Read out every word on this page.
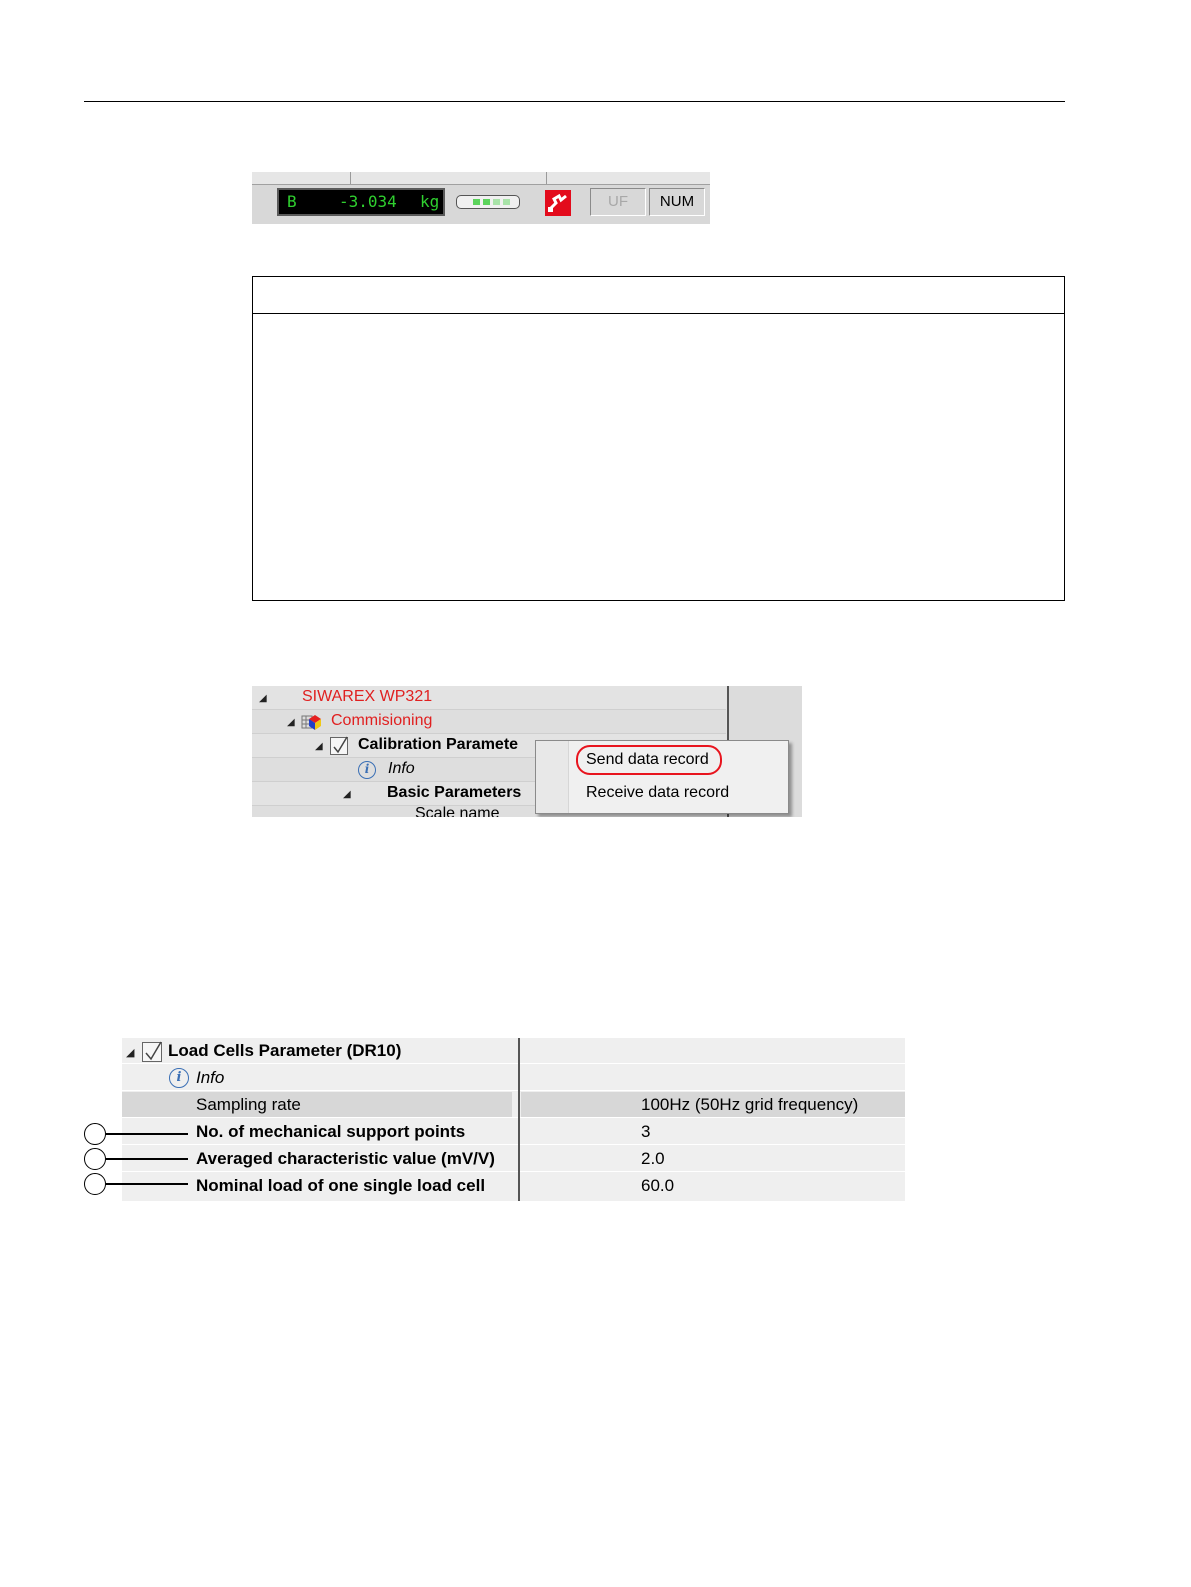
B	-3.034 kg	UF	NUM
◢ SIWAREX WP321
◢ Commisioning
◢ Calibration Paramete
i	Info
◢ Basic Parameters
Scale name
Send data record
Receive data record
◢ Load Cells Parameter (DR10)
i Info
Sampling rate	100Hz (50Hz grid frequency)
No. of mechanical support points	3
Averaged characteristic value (mV/V)	2.0
Nominal load of one single load cell	60.0
